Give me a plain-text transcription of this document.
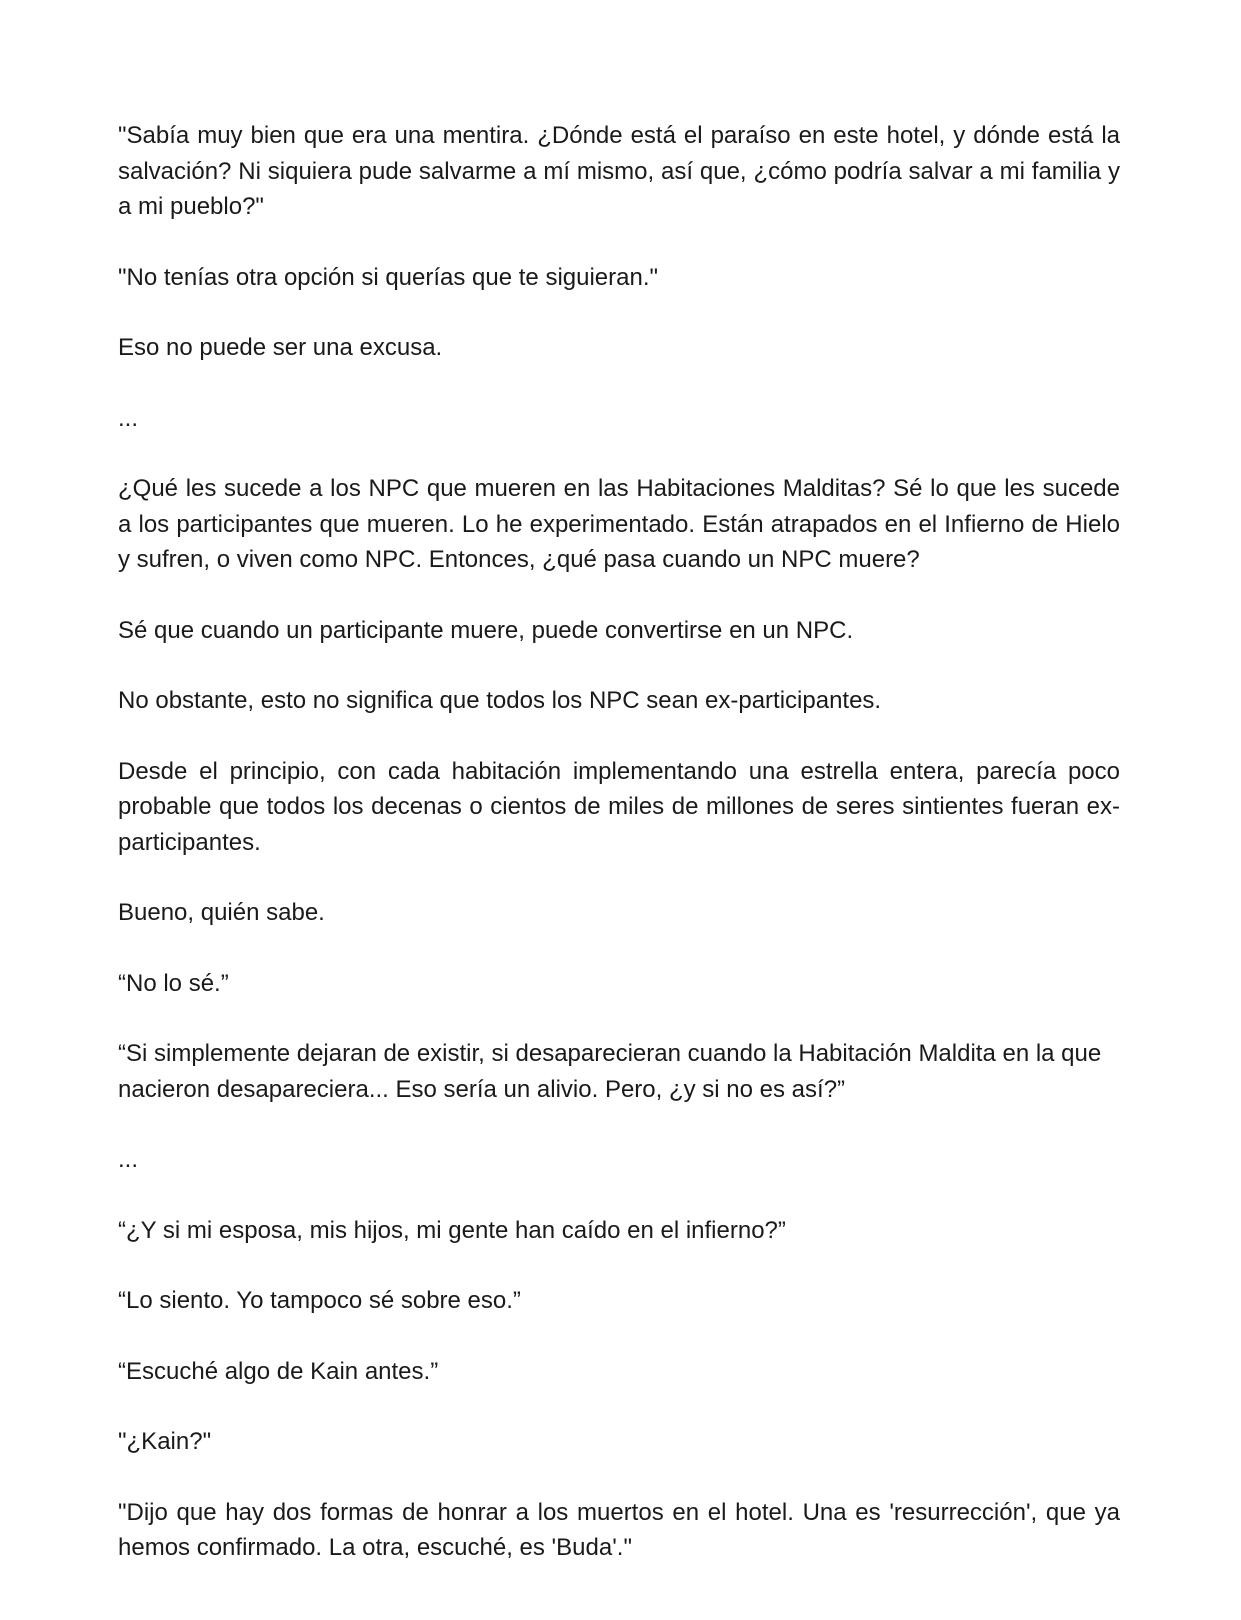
"Sabía muy bien que era una mentira. ¿Dónde está el paraíso en este hotel, y dónde está la salvación? Ni siquiera pude salvarme a mí mismo, así que, ¿cómo podría salvar a mi familia y a mi pueblo?"

"No tenías otra opción si querías que te siguieran."

Eso no puede ser una excusa.

...

¿Qué les sucede a los NPC que mueren en las Habitaciones Malditas? Sé lo que les sucede a los participantes que mueren. Lo he experimentado. Están atrapados en el Infierno de Hielo y sufren, o viven como NPC. Entonces, ¿qué pasa cuando un NPC muere?

Sé que cuando un participante muere, puede convertirse en un NPC.

No obstante, esto no significa que todos los NPC sean ex-participantes.

Desde el principio, con cada habitación implementando una estrella entera, parecía poco probable que todos los decenas o cientos de miles de millones de seres sintientes fueran ex-participantes.

Bueno, quién sabe.

“No lo sé.”

“Si simplemente dejaran de existir, si desaparecieran cuando la Habitación Maldita en la que nacieron desapareciera... Eso sería un alivio. Pero, ¿y si no es así?”

...

“¿Y si mi esposa, mis hijos, mi gente han caído en el infierno?”

“Lo siento. Yo tampoco sé sobre eso.”

“Escuché algo de Kain antes.”

"¿Kain?"

"Dijo que hay dos formas de honrar a los muertos en el hotel. Una es 'resurrección', que ya hemos confirmado. La otra, escuché, es 'Buda'."
